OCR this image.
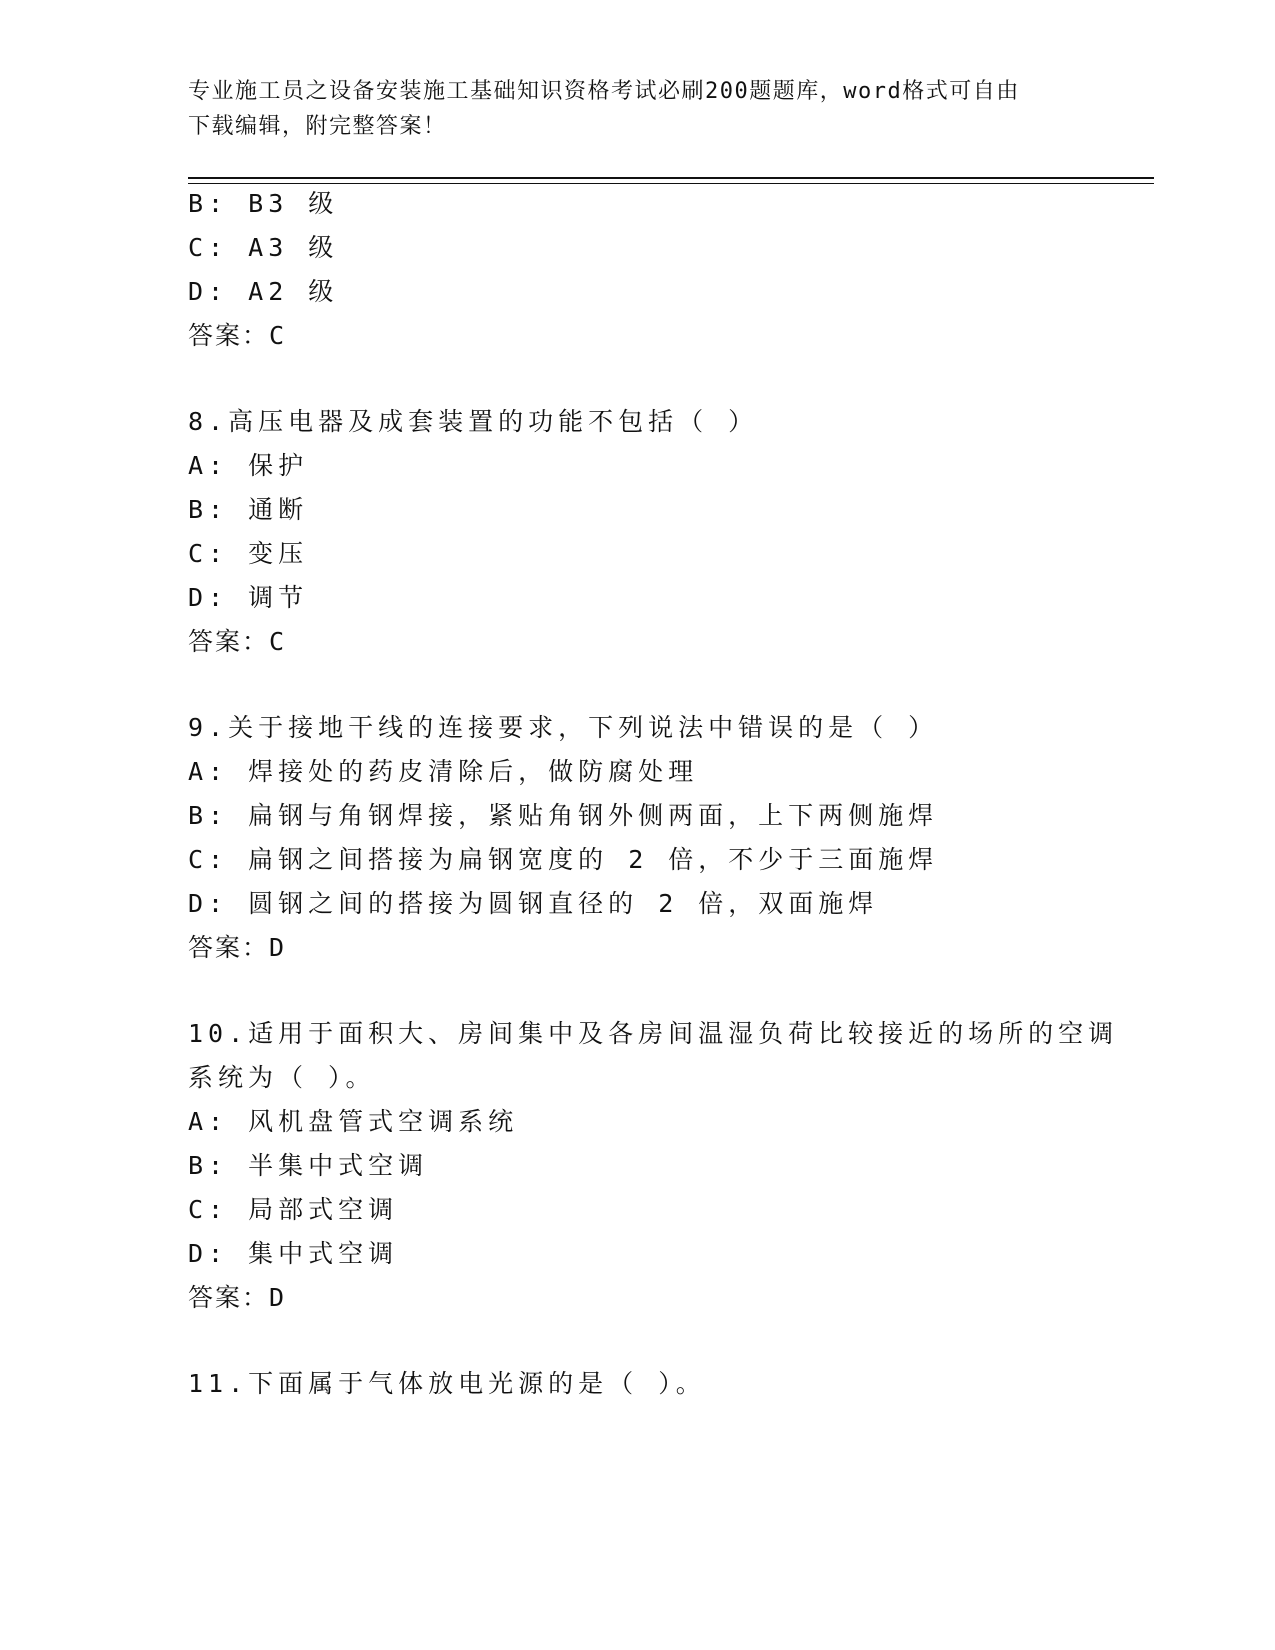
专业施工员之设备安装施工基础知识资格考试必刷200题题库，word格式可自由
下载编辑，附完整答案！
B: B3 级
C: A3 级
D: A2 级
答案：C
8.高压电器及成套装置的功能不包括（ ）
A: 保护
B: 通断
C: 变压
D: 调节
答案：C
9.关于接地干线的连接要求，下列说法中错误的是（ ）
A: 焊接处的药皮清除后，做防腐处理
B: 扁钢与角钢焊接，紧贴角钢外侧两面，上下两侧施焊
C: 扁钢之间搭接为扁钢宽度的 2 倍，不少于三面施焊
D: 圆钢之间的搭接为圆钢直径的 2 倍，双面施焊
答案：D
10.适用于面积大、房间集中及各房间温湿负荷比较接近的场所的空调
系统为（ ）。
A: 风机盘管式空调系统
B: 半集中式空调
C: 局部式空调
D: 集中式空调
答案：D
11.下面属于气体放电光源的是（ ）。
